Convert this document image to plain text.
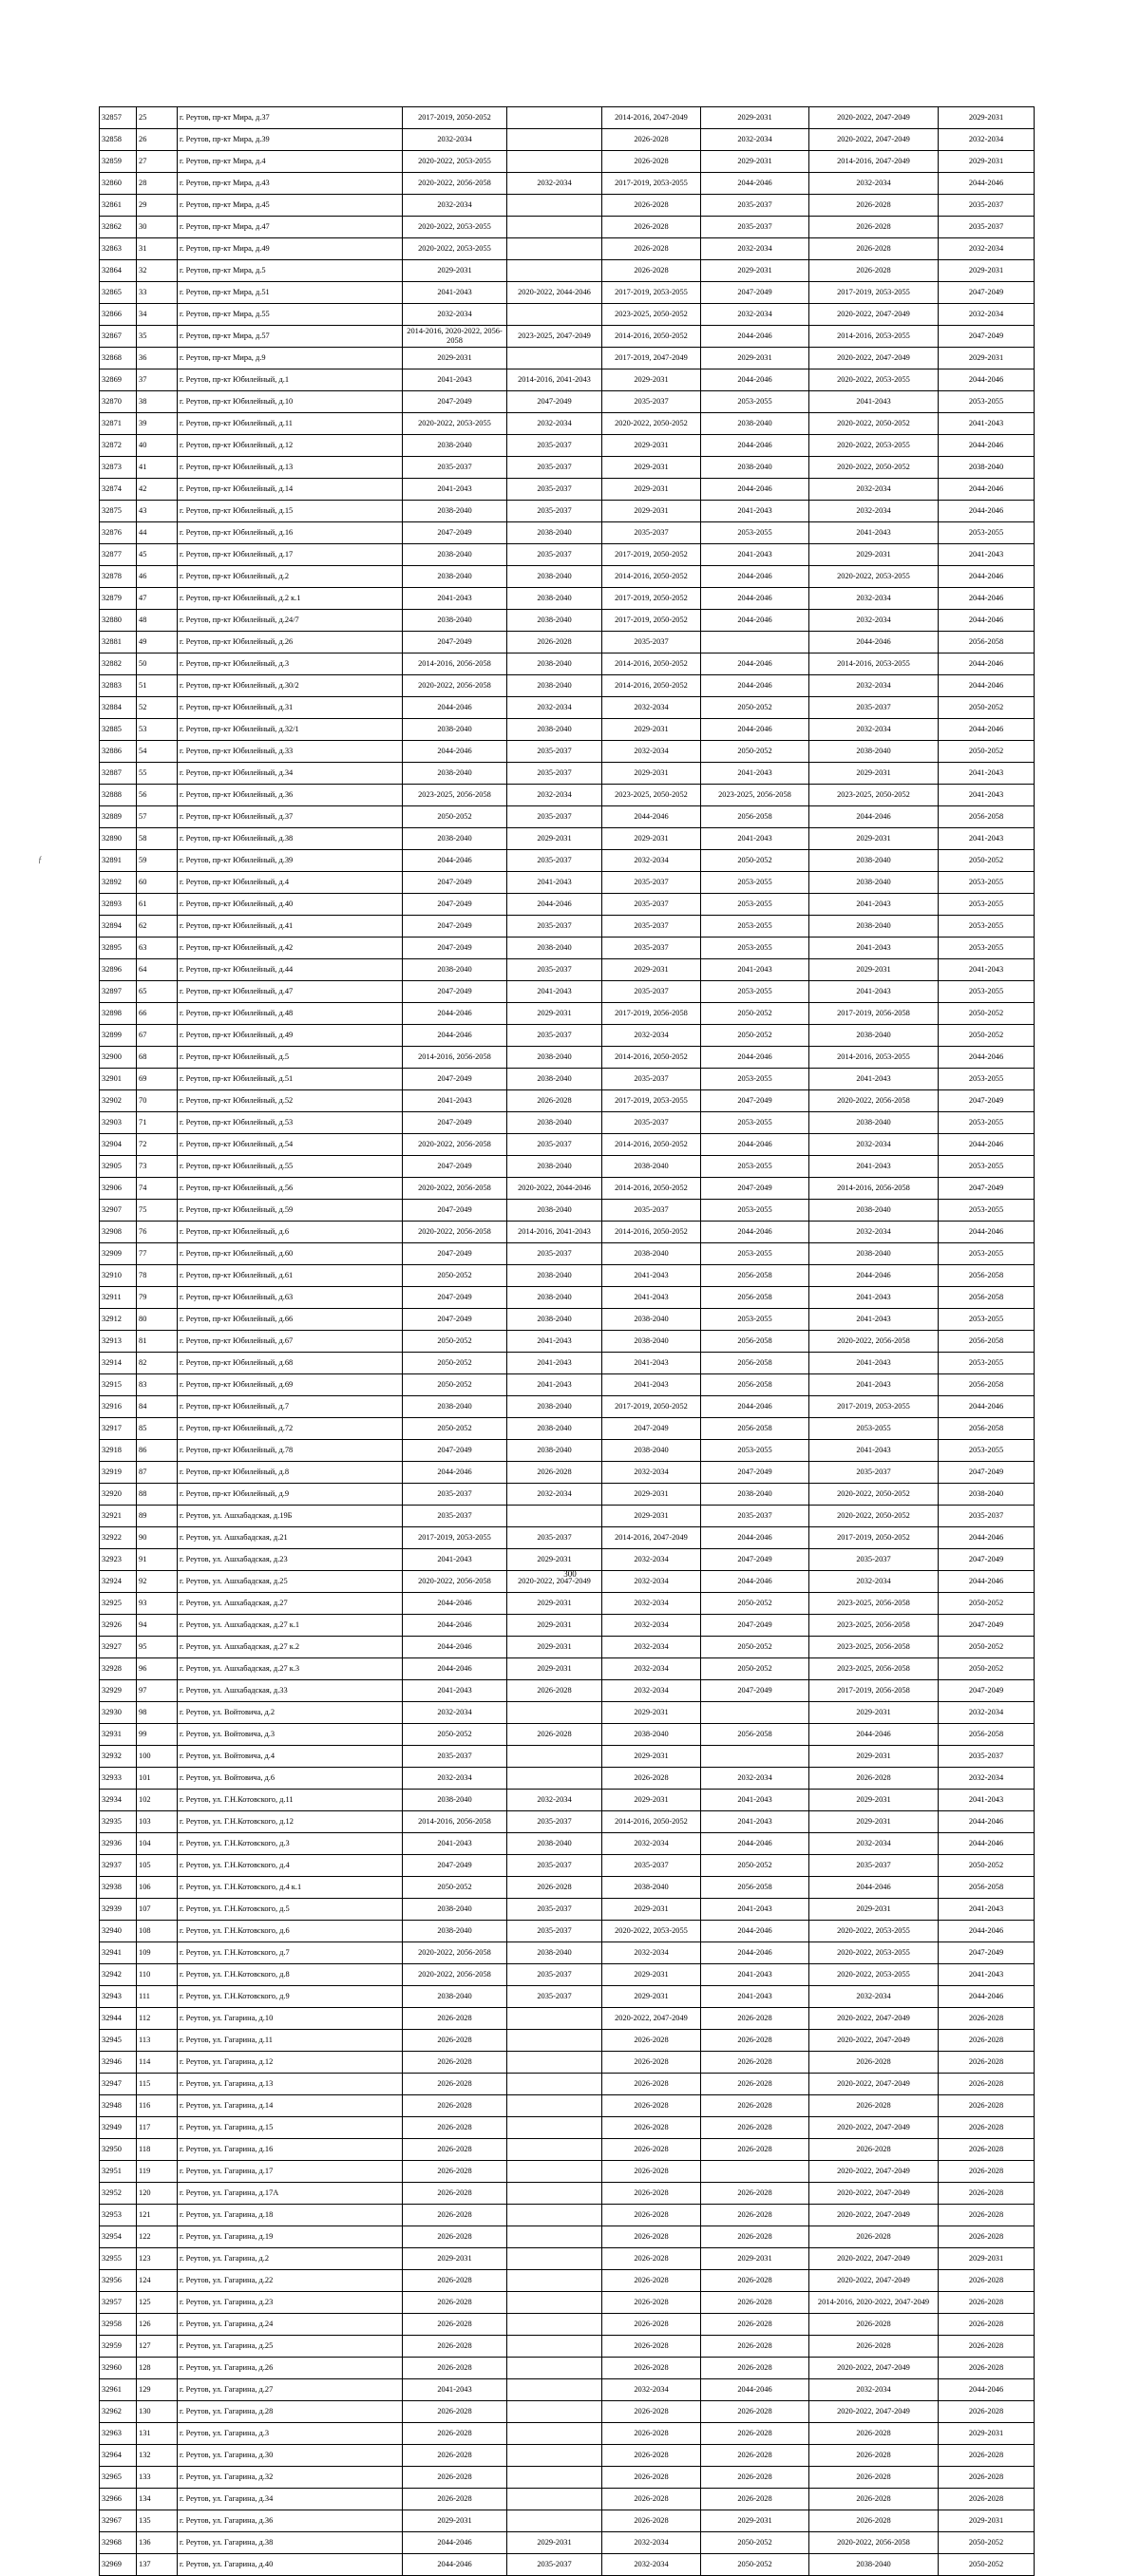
ƒ
32857	25	г. Реутов, пр-кт Мира, д.37	2017-2019, 2050-2052		2014-2016, 2047-2049	2029-2031	2020-2022, 2047-2049	2029-2031
32858	26	г. Реутов, пр-кт Мира, д.39	2032-2034		2026-2028	2032-2034	2020-2022, 2047-2049	2032-2034
32859	27	г. Реутов, пр-кт Мира, д.4	2020-2022, 2053-2055		2026-2028	2029-2031	2014-2016, 2047-2049	2029-2031
32860	28	г. Реутов, пр-кт Мира, д.43	2020-2022, 2056-2058	2032-2034	2017-2019, 2053-2055	2044-2046	2032-2034	2044-2046
32861	29	г. Реутов, пр-кт Мира, д.45	2032-2034		2026-2028	2035-2037	2026-2028	2035-2037
32862	30	г. Реутов, пр-кт Мира, д.47	2020-2022, 2053-2055		2026-2028	2035-2037	2026-2028	2035-2037
32863	31	г. Реутов, пр-кт Мира, д.49	2020-2022, 2053-2055		2026-2028	2032-2034	2026-2028	2032-2034
32864	32	г. Реутов, пр-кт Мира, д.5	2029-2031		2026-2028	2029-2031	2026-2028	2029-2031
32865	33	г. Реутов, пр-кт Мира, д.51	2041-2043	2020-2022, 2044-2046	2017-2019, 2053-2055	2047-2049	2017-2019, 2053-2055	2047-2049
32866	34	г. Реутов, пр-кт Мира, д.55	2032-2034		2023-2025, 2050-2052	2032-2034	2020-2022, 2047-2049	2032-2034
32867	35	г. Реутов, пр-кт Мира, д.57	2014-2016, 2020-2022, 2056-2058	2023-2025, 2047-2049	2014-2016, 2050-2052	2044-2046	2014-2016, 2053-2055	2047-2049
32868	36	г. Реутов, пр-кт Мира, д.9	2029-2031		2017-2019, 2047-2049	2029-2031	2020-2022, 2047-2049	2029-2031
32869	37	г. Реутов, пр-кт Юбилейный, д.1	2041-2043	2014-2016, 2041-2043	2029-2031	2044-2046	2020-2022, 2053-2055	2044-2046
32870	38	г. Реутов, пр-кт Юбилейный, д.10	2047-2049	2047-2049	2035-2037	2053-2055	2041-2043	2053-2055
32871	39	г. Реутов, пр-кт Юбилейный, д.11	2020-2022, 2053-2055	2032-2034	2020-2022, 2050-2052	2038-2040	2020-2022, 2050-2052	2041-2043
32872	40	г. Реутов, пр-кт Юбилейный, д.12	2038-2040	2035-2037	2029-2031	2044-2046	2020-2022, 2053-2055	2044-2046
32873	41	г. Реутов, пр-кт Юбилейный, д.13	2035-2037	2035-2037	2029-2031	2038-2040	2020-2022, 2050-2052	2038-2040
32874	42	г. Реутов, пр-кт Юбилейный, д.14	2041-2043	2035-2037	2029-2031	2044-2046	2032-2034	2044-2046
32875	43	г. Реутов, пр-кт Юбилейный, д.15	2038-2040	2035-2037	2029-2031	2041-2043	2032-2034	2044-2046
32876	44	г. Реутов, пр-кт Юбилейный, д.16	2047-2049	2038-2040	2035-2037	2053-2055	2041-2043	2053-2055
32877	45	г. Реутов, пр-кт Юбилейный, д.17	2038-2040	2035-2037	2017-2019, 2050-2052	2041-2043	2029-2031	2041-2043
32878	46	г. Реутов, пр-кт Юбилейный, д.2	2038-2040	2038-2040	2014-2016, 2050-2052	2044-2046	2020-2022, 2053-2055	2044-2046
32879	47	г. Реутов, пр-кт Юбилейный, д.2 к.1	2041-2043	2038-2040	2017-2019, 2050-2052	2044-2046	2032-2034	2044-2046
32880	48	г. Реутов, пр-кт Юбилейный, д.24/7	2038-2040	2038-2040	2017-2019, 2050-2052	2044-2046	2032-2034	2044-2046
32881	49	г. Реутов, пр-кт Юбилейный, д.26	2047-2049	2026-2028	2035-2037		2044-2046	2056-2058
32882	50	г. Реутов, пр-кт Юбилейный, д.3	2014-2016, 2056-2058	2038-2040	2014-2016, 2050-2052	2044-2046	2014-2016, 2053-2055	2044-2046
32883	51	г. Реутов, пр-кт Юбилейный, д.30/2	2020-2022, 2056-2058	2038-2040	2014-2016, 2050-2052	2044-2046	2032-2034	2044-2046
32884	52	г. Реутов, пр-кт Юбилейный, д.31	2044-2046	2032-2034	2032-2034	2050-2052	2035-2037	2050-2052
32885	53	г. Реутов, пр-кт Юбилейный, д.32/1	2038-2040	2038-2040	2029-2031	2044-2046	2032-2034	2044-2046
32886	54	г. Реутов, пр-кт Юбилейный, д.33	2044-2046	2035-2037	2032-2034	2050-2052	2038-2040	2050-2052
32887	55	г. Реутов, пр-кт Юбилейный, д.34	2038-2040	2035-2037	2029-2031	2041-2043	2029-2031	2041-2043
32888	56	г. Реутов, пр-кт Юбилейный, д.36	2023-2025, 2056-2058	2032-2034	2023-2025, 2050-2052	2023-2025, 2056-2058	2023-2025, 2050-2052	2041-2043
32889	57	г. Реутов, пр-кт Юбилейный, д.37	2050-2052	2035-2037	2044-2046	2056-2058	2044-2046	2056-2058
32890	58	г. Реутов, пр-кт Юбилейный, д.38	2038-2040	2029-2031	2029-2031	2041-2043	2029-2031	2041-2043
32891	59	г. Реутов, пр-кт Юбилейный, д.39	2044-2046	2035-2037	2032-2034	2050-2052	2038-2040	2050-2052
32892	60	г. Реутов, пр-кт Юбилейный, д.4	2047-2049	2041-2043	2035-2037	2053-2055	2038-2040	2053-2055
32893	61	г. Реутов, пр-кт Юбилейный, д.40	2047-2049	2044-2046	2035-2037	2053-2055	2041-2043	2053-2055
32894	62	г. Реутов, пр-кт Юбилейный, д.41	2047-2049	2035-2037	2035-2037	2053-2055	2038-2040	2053-2055
32895	63	г. Реутов, пр-кт Юбилейный, д.42	2047-2049	2038-2040	2035-2037	2053-2055	2041-2043	2053-2055
32896	64	г. Реутов, пр-кт Юбилейный, д.44	2038-2040	2035-2037	2029-2031	2041-2043	2029-2031	2041-2043
32897	65	г. Реутов, пр-кт Юбилейный, д.47	2047-2049	2041-2043	2035-2037	2053-2055	2041-2043	2053-2055
32898	66	г. Реутов, пр-кт Юбилейный, д.48	2044-2046	2029-2031	2017-2019, 2056-2058	2050-2052	2017-2019, 2056-2058	2050-2052
32899	67	г. Реутов, пр-кт Юбилейный, д.49	2044-2046	2035-2037	2032-2034	2050-2052	2038-2040	2050-2052
32900	68	г. Реутов, пр-кт Юбилейный, д.5	2014-2016, 2056-2058	2038-2040	2014-2016, 2050-2052	2044-2046	2014-2016, 2053-2055	2044-2046
32901	69	г. Реутов, пр-кт Юбилейный, д.51	2047-2049	2038-2040	2035-2037	2053-2055	2041-2043	2053-2055
32902	70	г. Реутов, пр-кт Юбилейный, д.52	2041-2043	2026-2028	2017-2019, 2053-2055	2047-2049	2020-2022, 2056-2058	2047-2049
32903	71	г. Реутов, пр-кт Юбилейный, д.53	2047-2049	2038-2040	2035-2037	2053-2055	2038-2040	2053-2055
32904	72	г. Реутов, пр-кт Юбилейный, д.54	2020-2022, 2056-2058	2035-2037	2014-2016, 2050-2052	2044-2046	2032-2034	2044-2046
32905	73	г. Реутов, пр-кт Юбилейный, д.55	2047-2049	2038-2040	2038-2040	2053-2055	2041-2043	2053-2055
32906	74	г. Реутов, пр-кт Юбилейный, д.56	2020-2022, 2056-2058	2020-2022, 2044-2046	2014-2016, 2050-2052	2047-2049	2014-2016, 2056-2058	2047-2049
32907	75	г. Реутов, пр-кт Юбилейный, д.59	2047-2049	2038-2040	2035-2037	2053-2055	2038-2040	2053-2055
32908	76	г. Реутов, пр-кт Юбилейный, д.6	2020-2022, 2056-2058	2014-2016, 2041-2043	2014-2016, 2050-2052	2044-2046	2032-2034	2044-2046
32909	77	г. Реутов, пр-кт Юбилейный, д.60	2047-2049	2035-2037	2038-2040	2053-2055	2038-2040	2053-2055
32910	78	г. Реутов, пр-кт Юбилейный, д.61	2050-2052	2038-2040	2041-2043	2056-2058	2044-2046	2056-2058
32911	79	г. Реутов, пр-кт Юбилейный, д.63	2047-2049	2038-2040	2041-2043	2056-2058	2041-2043	2056-2058
32912	80	г. Реутов, пр-кт Юбилейный, д.66	2047-2049	2038-2040	2038-2040	2053-2055	2041-2043	2053-2055
32913	81	г. Реутов, пр-кт Юбилейный, д.67	2050-2052	2041-2043	2038-2040	2056-2058	2020-2022, 2056-2058	2056-2058
32914	82	г. Реутов, пр-кт Юбилейный, д.68	2050-2052	2041-2043	2041-2043	2056-2058	2041-2043	2053-2055
32915	83	г. Реутов, пр-кт Юбилейный, д.69	2050-2052	2041-2043	2041-2043	2056-2058	2041-2043	2056-2058
32916	84	г. Реутов, пр-кт Юбилейный, д.7	2038-2040	2038-2040	2017-2019, 2050-2052	2044-2046	2017-2019, 2053-2055	2044-2046
32917	85	г. Реутов, пр-кт Юбилейный, д.72	2050-2052	2038-2040	2047-2049	2056-2058	2053-2055	2056-2058
32918	86	г. Реутов, пр-кт Юбилейный, д.78	2047-2049	2038-2040	2038-2040	2053-2055	2041-2043	2053-2055
32919	87	г. Реутов, пр-кт Юбилейный, д.8	2044-2046	2026-2028	2032-2034	2047-2049	2035-2037	2047-2049
32920	88	г. Реутов, пр-кт Юбилейный, д.9	2035-2037	2032-2034	2029-2031	2038-2040	2020-2022, 2050-2052	2038-2040
32921	89	г. Реутов, ул. Ашхабадская, д.19Б	2035-2037		2029-2031	2035-2037	2020-2022, 2050-2052	2035-2037
32922	90	г. Реутов, ул. Ашхабадская, д.21	2017-2019, 2053-2055	2035-2037	2014-2016, 2047-2049	2044-2046	2017-2019, 2050-2052	2044-2046
32923	91	г. Реутов, ул. Ашхабадская, д.23	2041-2043	2029-2031	2032-2034	2047-2049	2035-2037	2047-2049
32924	92	г. Реутов, ул. Ашхабадская, д.25	2020-2022, 2056-2058	2020-2022, 2047-2049	2032-2034	2044-2046	2032-2034	2044-2046
32925	93	г. Реутов, ул. Ашхабадская, д.27	2044-2046	2029-2031	2032-2034	2050-2052	2023-2025, 2056-2058	2050-2052
32926	94	г. Реутов, ул. Ашхабадская, д.27 к.1	2044-2046	2029-2031	2032-2034	2047-2049	2023-2025, 2056-2058	2047-2049
32927	95	г. Реутов, ул. Ашхабадская, д.27 к.2	2044-2046	2029-2031	2032-2034	2050-2052	2023-2025, 2056-2058	2050-2052
32928	96	г. Реутов, ул. Ашхабадская, д.27 к.3	2044-2046	2029-2031	2032-2034	2050-2052	2023-2025, 2056-2058	2050-2052
32929	97	г. Реутов, ул. Ашхабадская, д.33	2041-2043	2026-2028	2032-2034	2047-2049	2017-2019, 2056-2058	2047-2049
32930	98	г. Реутов, ул. Войтовича, д.2	2032-2034		2029-2031		2029-2031	2032-2034
32931	99	г. Реутов, ул. Войтовича, д.3	2050-2052	2026-2028	2038-2040	2056-2058	2044-2046	2056-2058
32932	100	г. Реутов, ул. Войтовича, д.4	2035-2037		2029-2031		2029-2031	2035-2037
32933	101	г. Реутов, ул. Войтовича, д.6	2032-2034		2026-2028	2032-2034	2026-2028	2032-2034
32934	102	г. Реутов, ул. Г.Н.Котовского, д.11	2038-2040	2032-2034	2029-2031	2041-2043	2029-2031	2041-2043
32935	103	г. Реутов, ул. Г.Н.Котовского, д.12	2014-2016, 2056-2058	2035-2037	2014-2016, 2050-2052	2041-2043	2029-2031	2044-2046
32936	104	г. Реутов, ул. Г.Н.Котовского, д.3	2041-2043	2038-2040	2032-2034	2044-2046	2032-2034	2044-2046
32937	105	г. Реутов, ул. Г.Н.Котовского, д.4	2047-2049	2035-2037	2035-2037	2050-2052	2035-2037	2050-2052
32938	106	г. Реутов, ул. Г.Н.Котовского, д.4 к.1	2050-2052	2026-2028	2038-2040	2056-2058	2044-2046	2056-2058
32939	107	г. Реутов, ул. Г.Н.Котовского, д.5	2038-2040	2035-2037	2029-2031	2041-2043	2029-2031	2041-2043
32940	108	г. Реутов, ул. Г.Н.Котовского, д.6	2038-2040	2035-2037	2020-2022, 2053-2055	2044-2046	2020-2022, 2053-2055	2044-2046
32941	109	г. Реутов, ул. Г.Н.Котовского, д.7	2020-2022, 2056-2058	2038-2040	2032-2034	2044-2046	2020-2022, 2053-2055	2047-2049
32942	110	г. Реутов, ул. Г.Н.Котовского, д.8	2020-2022, 2056-2058	2035-2037	2029-2031	2041-2043	2020-2022, 2053-2055	2041-2043
32943	111	г. Реутов, ул. Г.Н.Котовского, д.9	2038-2040	2035-2037	2029-2031	2041-2043	2032-2034	2044-2046
32944	112	г. Реутов, ул. Гагарина, д.10	2026-2028		2020-2022, 2047-2049	2026-2028	2020-2022, 2047-2049	2026-2028
32945	113	г. Реутов, ул. Гагарина, д.11	2026-2028		2026-2028	2026-2028	2020-2022, 2047-2049	2026-2028
32946	114	г. Реутов, ул. Гагарина, д.12	2026-2028		2026-2028	2026-2028	2026-2028	2026-2028
32947	115	г. Реутов, ул. Гагарина, д.13	2026-2028		2026-2028	2026-2028	2020-2022, 2047-2049	2026-2028
32948	116	г. Реутов, ул. Гагарина, д.14	2026-2028		2026-2028	2026-2028	2026-2028	2026-2028
32949	117	г. Реутов, ул. Гагарина, д.15	2026-2028		2026-2028	2026-2028	2020-2022, 2047-2049	2026-2028
32950	118	г. Реутов, ул. Гагарина, д.16	2026-2028		2026-2028	2026-2028	2026-2028	2026-2028
32951	119	г. Реутов, ул. Гагарина, д.17	2026-2028		2026-2028		2020-2022, 2047-2049	2026-2028
32952	120	г. Реутов, ул. Гагарина, д.17А	2026-2028		2026-2028	2026-2028	2020-2022, 2047-2049	2026-2028
32953	121	г. Реутов, ул. Гагарина, д.18	2026-2028		2026-2028	2026-2028	2020-2022, 2047-2049	2026-2028
32954	122	г. Реутов, ул. Гагарина, д.19	2026-2028		2026-2028	2026-2028	2026-2028	2026-2028
32955	123	г. Реутов, ул. Гагарина, д.2	2029-2031		2026-2028	2029-2031	2020-2022, 2047-2049	2029-2031
32956	124	г. Реутов, ул. Гагарина, д.22	2026-2028		2026-2028	2026-2028	2020-2022, 2047-2049	2026-2028
32957	125	г. Реутов, ул. Гагарина, д.23	2026-2028		2026-2028	2026-2028	2014-2016, 2020-2022, 2047-2049	2026-2028
32958	126	г. Реутов, ул. Гагарина, д.24	2026-2028		2026-2028	2026-2028	2026-2028	2026-2028
32959	127	г. Реутов, ул. Гагарина, д.25	2026-2028		2026-2028	2026-2028	2026-2028	2026-2028
32960	128	г. Реутов, ул. Гагарина, д.26	2026-2028		2026-2028	2026-2028	2020-2022, 2047-2049	2026-2028
32961	129	г. Реутов, ул. Гагарина, д.27	2041-2043		2032-2034	2044-2046	2032-2034	2044-2046
32962	130	г. Реутов, ул. Гагарина, д.28	2026-2028		2026-2028	2026-2028	2020-2022, 2047-2049	2026-2028
32963	131	г. Реутов, ул. Гагарина, д.3	2026-2028		2026-2028	2026-2028	2026-2028	2029-2031
32964	132	г. Реутов, ул. Гагарина, д.30	2026-2028		2026-2028	2026-2028	2026-2028	2026-2028
32965	133	г. Реутов, ул. Гагарина, д.32	2026-2028		2026-2028	2026-2028	2026-2028	2026-2028
32966	134	г. Реутов, ул. Гагарина, д.34	2026-2028		2026-2028	2026-2028	2026-2028	2026-2028
32967	135	г. Реутов, ул. Гагарина, д.36	2029-2031		2026-2028	2029-2031	2026-2028	2029-2031
32968	136	г. Реутов, ул. Гагарина, д.38	2044-2046	2029-2031	2032-2034	2050-2052	2020-2022, 2056-2058	2050-2052
32969	137	г. Реутов, ул. Гагарина, д.40	2044-2046	2035-2037	2032-2034	2050-2052	2038-2040	2050-2052
300
